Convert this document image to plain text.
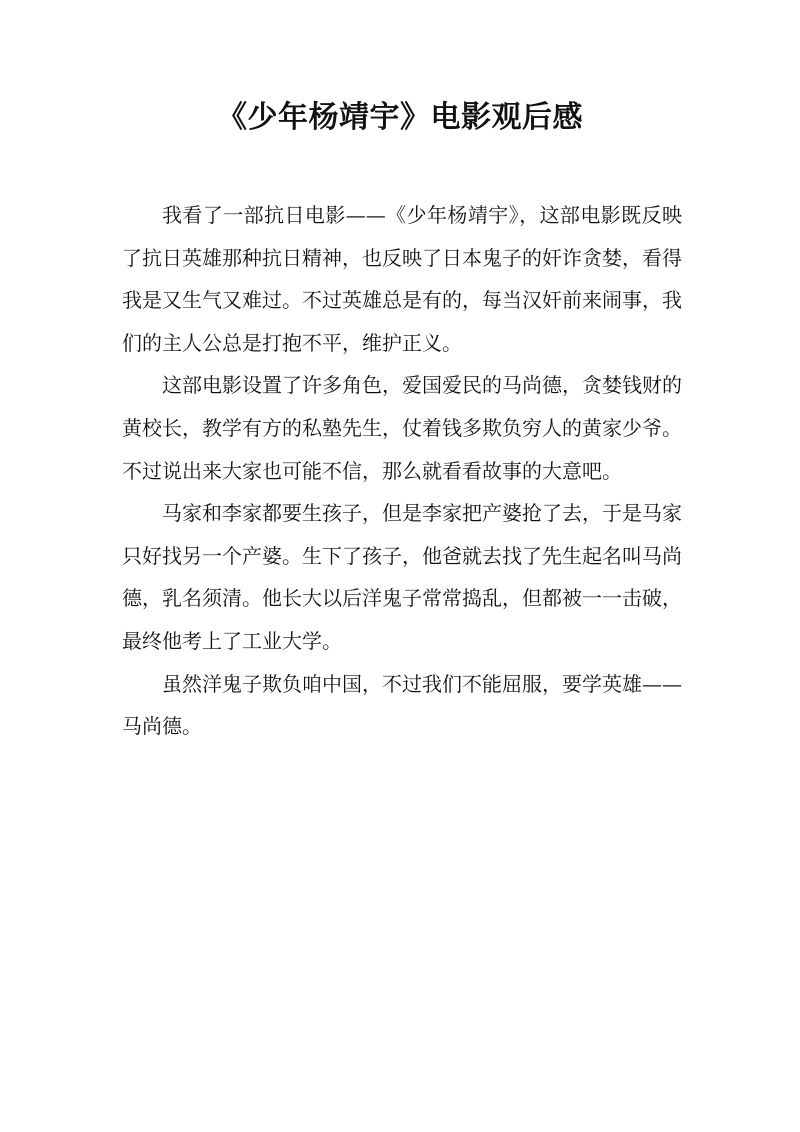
《少年杨靖宇》电影观后感

我看了一部抗日电影——《少年杨靖宇》，这部电影既反映了抗日英雄那种抗日精神，也反映了日本鬼子的奸诈贪婪，看得我是又生气又难过。不过英雄总是有的，每当汉奸前来闹事，我们的主人公总是打抱不平，维护正义。

这部电影设置了许多角色，爱国爱民的马尚德，贪婪钱财的黄校长，教学有方的私塾先生，仗着钱多欺负穷人的黄家少爷。不过说出来大家也可能不信，那么就看看故事的大意吧。

马家和李家都要生孩子，但是李家把产婆抢了去，于是马家只好找另一个产婆。生下了孩子，他爸就去找了先生起名叫马尚德，乳名须清。他长大以后洋鬼子常常捣乱，但都被一一击破，最终他考上了工业大学。

虽然洋鬼子欺负咱中国，不过我们不能屈服，要学英雄——马尚德。
